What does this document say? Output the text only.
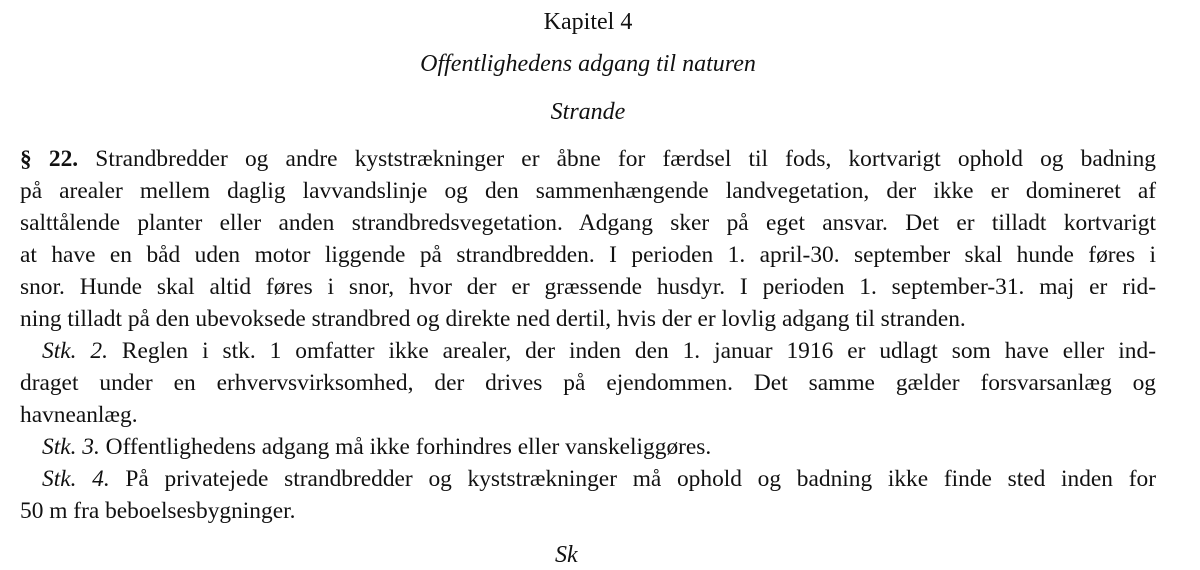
Kapitel 4
Offentlighedens adgang til naturen
Strande
§ 22. Strandbredder og andre kyststrækninger er åbne for færdsel til fods, kortvarigt ophold og badning
på arealer mellem daglig lavvandslinje og den sammenhængende landvegetation, der ikke er domineret af
salttålende planter eller anden strandbredsvegetation. Adgang sker på eget ansvar. Det er tilladt kortvarigt
at have en båd uden motor liggende på strandbredden. I perioden 1. april-30. september skal hunde føres i
snor. Hunde skal altid føres i snor, hvor der er græssende husdyr. I perioden 1. september-31. maj er rid-
ning tilladt på den ubevoksede strandbred og direkte ned dertil, hvis der er lovlig adgang til stranden.
Stk. 2. Reglen i stk. 1 omfatter ikke arealer, der inden den 1. januar 1916 er udlagt som have eller ind-
draget under en erhvervsvirksomhed, der drives på ejendommen. Det samme gælder forsvarsanlæg og
havneanlæg.
Stk. 3. Offentlighedens adgang må ikke forhindres eller vanskeliggøres.
Stk. 4. På privatejede strandbredder og kyststrækninger må ophold og badning ikke finde sted inden for
50 m fra beboelsesbygninger.
Sk
